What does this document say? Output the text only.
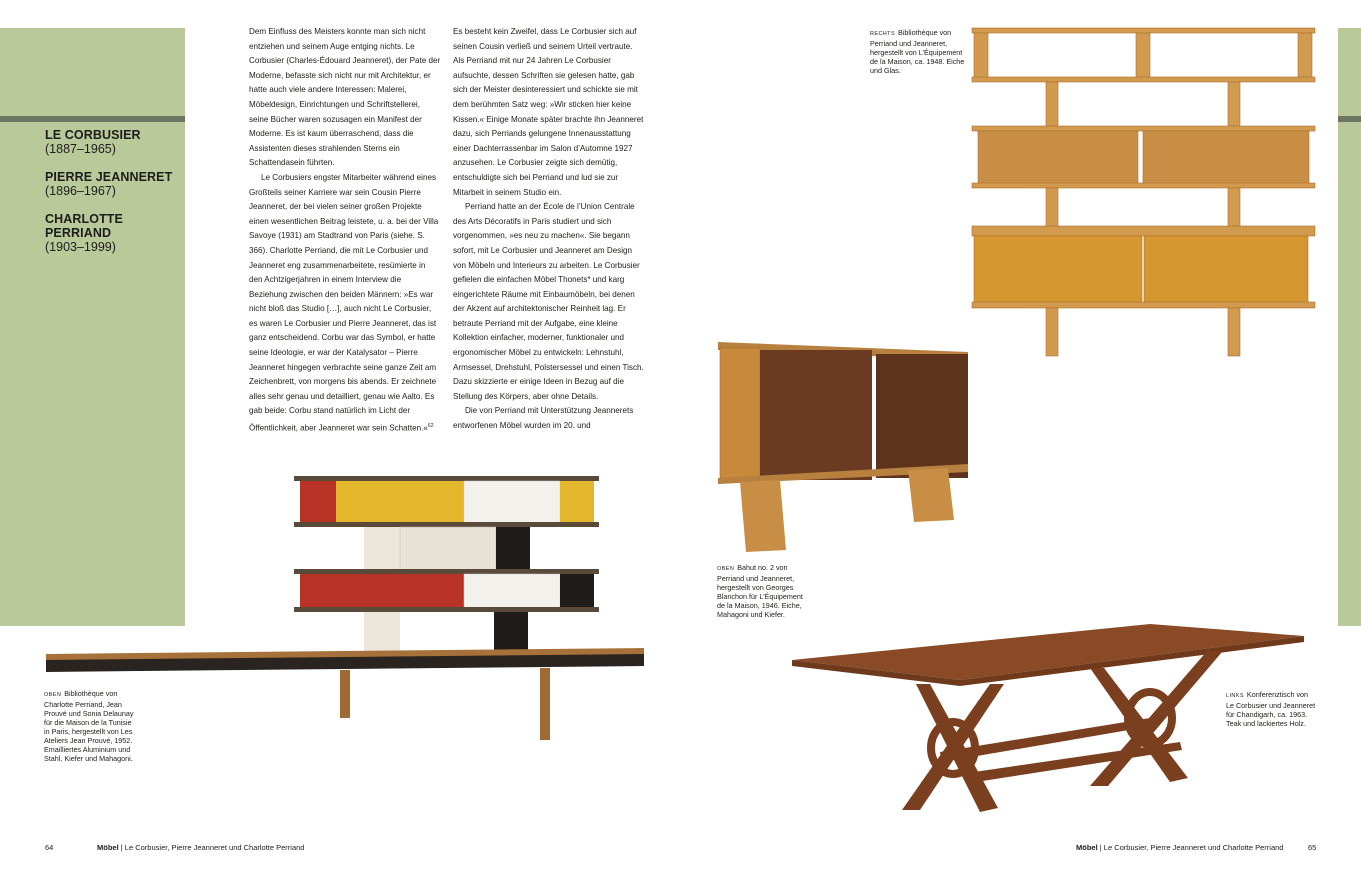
LE CORBUSIER
(1887–1965)
PIERRE JEANNERET
(1896–1967)
CHARLOTTE PERRIAND
(1903–1999)

Dem Einfluss des Meisters konnte man sich nicht entziehen und seinem Auge entging nichts. Le Corbusier (Charles-Édouard Jeanneret), der Pate der Moderne, befasste sich nicht nur mit Architektur, er hatte auch viele andere Interessen: Malerei, Möbeldesign, Einrichtungen und Schriftstellerei, seine Bücher waren sozusagen ein Manifest der Moderne. Es ist kaum überraschend, dass die Assistenten dieses strahlenden Sterns ein Schattendasein führten.

Le Corbusiers engster Mitarbeiter während eines Großteils seiner Karriere war sein Cousin Pierre Jeanneret, der bei vielen seiner großen Projekte einen wesentlichen Beitrag leistete, u. a. bei der Villa Savoye (1931) am Stadtrand von Paris (siehe. S. 366). Charlotte Perriand, die mit Le Corbusier und Jeanneret eng zusammenarbeitete, resümierte in den Achtzigerjahren in einem Interview die Beziehung zwischen den beiden Männern: »Es war nicht bloß das Studio […], auch nicht Le Corbusier, es waren Le Corbusier und Pierre Jeanneret, das ist ganz entscheidend. Corbu war das Symbol, er hatte seine Ideologie, er war der Katalysator – Pierre Jeanneret hingegen verbrachte seine ganze Zeit am Zeichenbrett, von morgens bis abends. Er zeichnete alles sehr genau und detailliert, genau wie Aalto. Es gab beide: Corbu stand natürlich im Licht der Öffentlichkeit, aber Jeanneret war sein Schatten.«$^{62}$

Es besteht kein Zweifel, dass Le Corbusier sich auf seinen Cousin verließ und seinem Urteil vertraute. Als Perriand mit nur 24 Jahren Le Corbusier aufsuchte, dessen Schriften sie gelesen hatte, gab sich der Meister desinteressiert und schickte sie mit dem berühmten Satz weg: »Wir sticken hier keine Kissen.« Einige Monate später brachte ihn Jeanneret dazu, sich Perriands gelungene Innenausstattung einer Dachterrassenbar im Salon d’Automne 1927 anzusehen. Le Corbusier zeigte sich demütig, entschuldigte sich bei Perriand und lud sie zur Mitarbeit in seinem Studio ein.

Perriand hatte an der École de l’Union Centrale des Arts Décoratifs in Paris studiert und sich vorgenommen, »es neu zu machen«. Sie begann sofort, mit Le Corbusier und Jeanneret am Design von Möbeln und Interieurs zu arbeiten. Le Corbusier gefielen die einfachen Möbel Thonets* und karg eingerichtete Räume mit Einbaumöbeln, bei denen der Akzent auf architektonischer Reinheit lag. Er betraute Perriand mit der Aufgabe, eine kleine Kollektion einfacher, moderner, funktionaler und ergonomischer Möbel zu entwickeln: Lehnstuhl, Armsessel, Drehstuhl, Polstersessel und einen Tisch. Dazu skizzierte er einige Ideen in Bezug auf die Stellung des Körpers, aber ohne Details.

Die von Perriand mit Unterstützung Jeannerets entworfenen Möbel wurden im 20. und

RECHTS Bibliothèque von Perriand und Jeanneret, hergestellt von L’Équipement de la Maison, ca. 1948. Eiche und Glas.
OBEN Bahut no. 2 von Perriand und Jeanneret, hergestellt von Georges Blanchon für L’Équipement de la Maison, 1946. Eiche, Mahagoni und Kiefer.
OBEN Bibliothèque von Charlotte Perriand, Jean Prouvé und Sonia Delaunay für die Maison de la Tunisie in Paris, hergestellt von Les Ateliers Jean Prouvé, 1952. Emailliertes Aluminium und Stahl, Kiefer und Mahagoni.
LINKS Konferenztisch von Le Corbusier und Jeanneret für Chandigarh, ca. 1963. Teak und lackiertes Holz.
64	Möbel | Le Corbusier, Pierre Jeanneret und Charlotte Perriand	Möbel | Le Corbusier, Pierre Jeanneret und Charlotte Perriand	65
